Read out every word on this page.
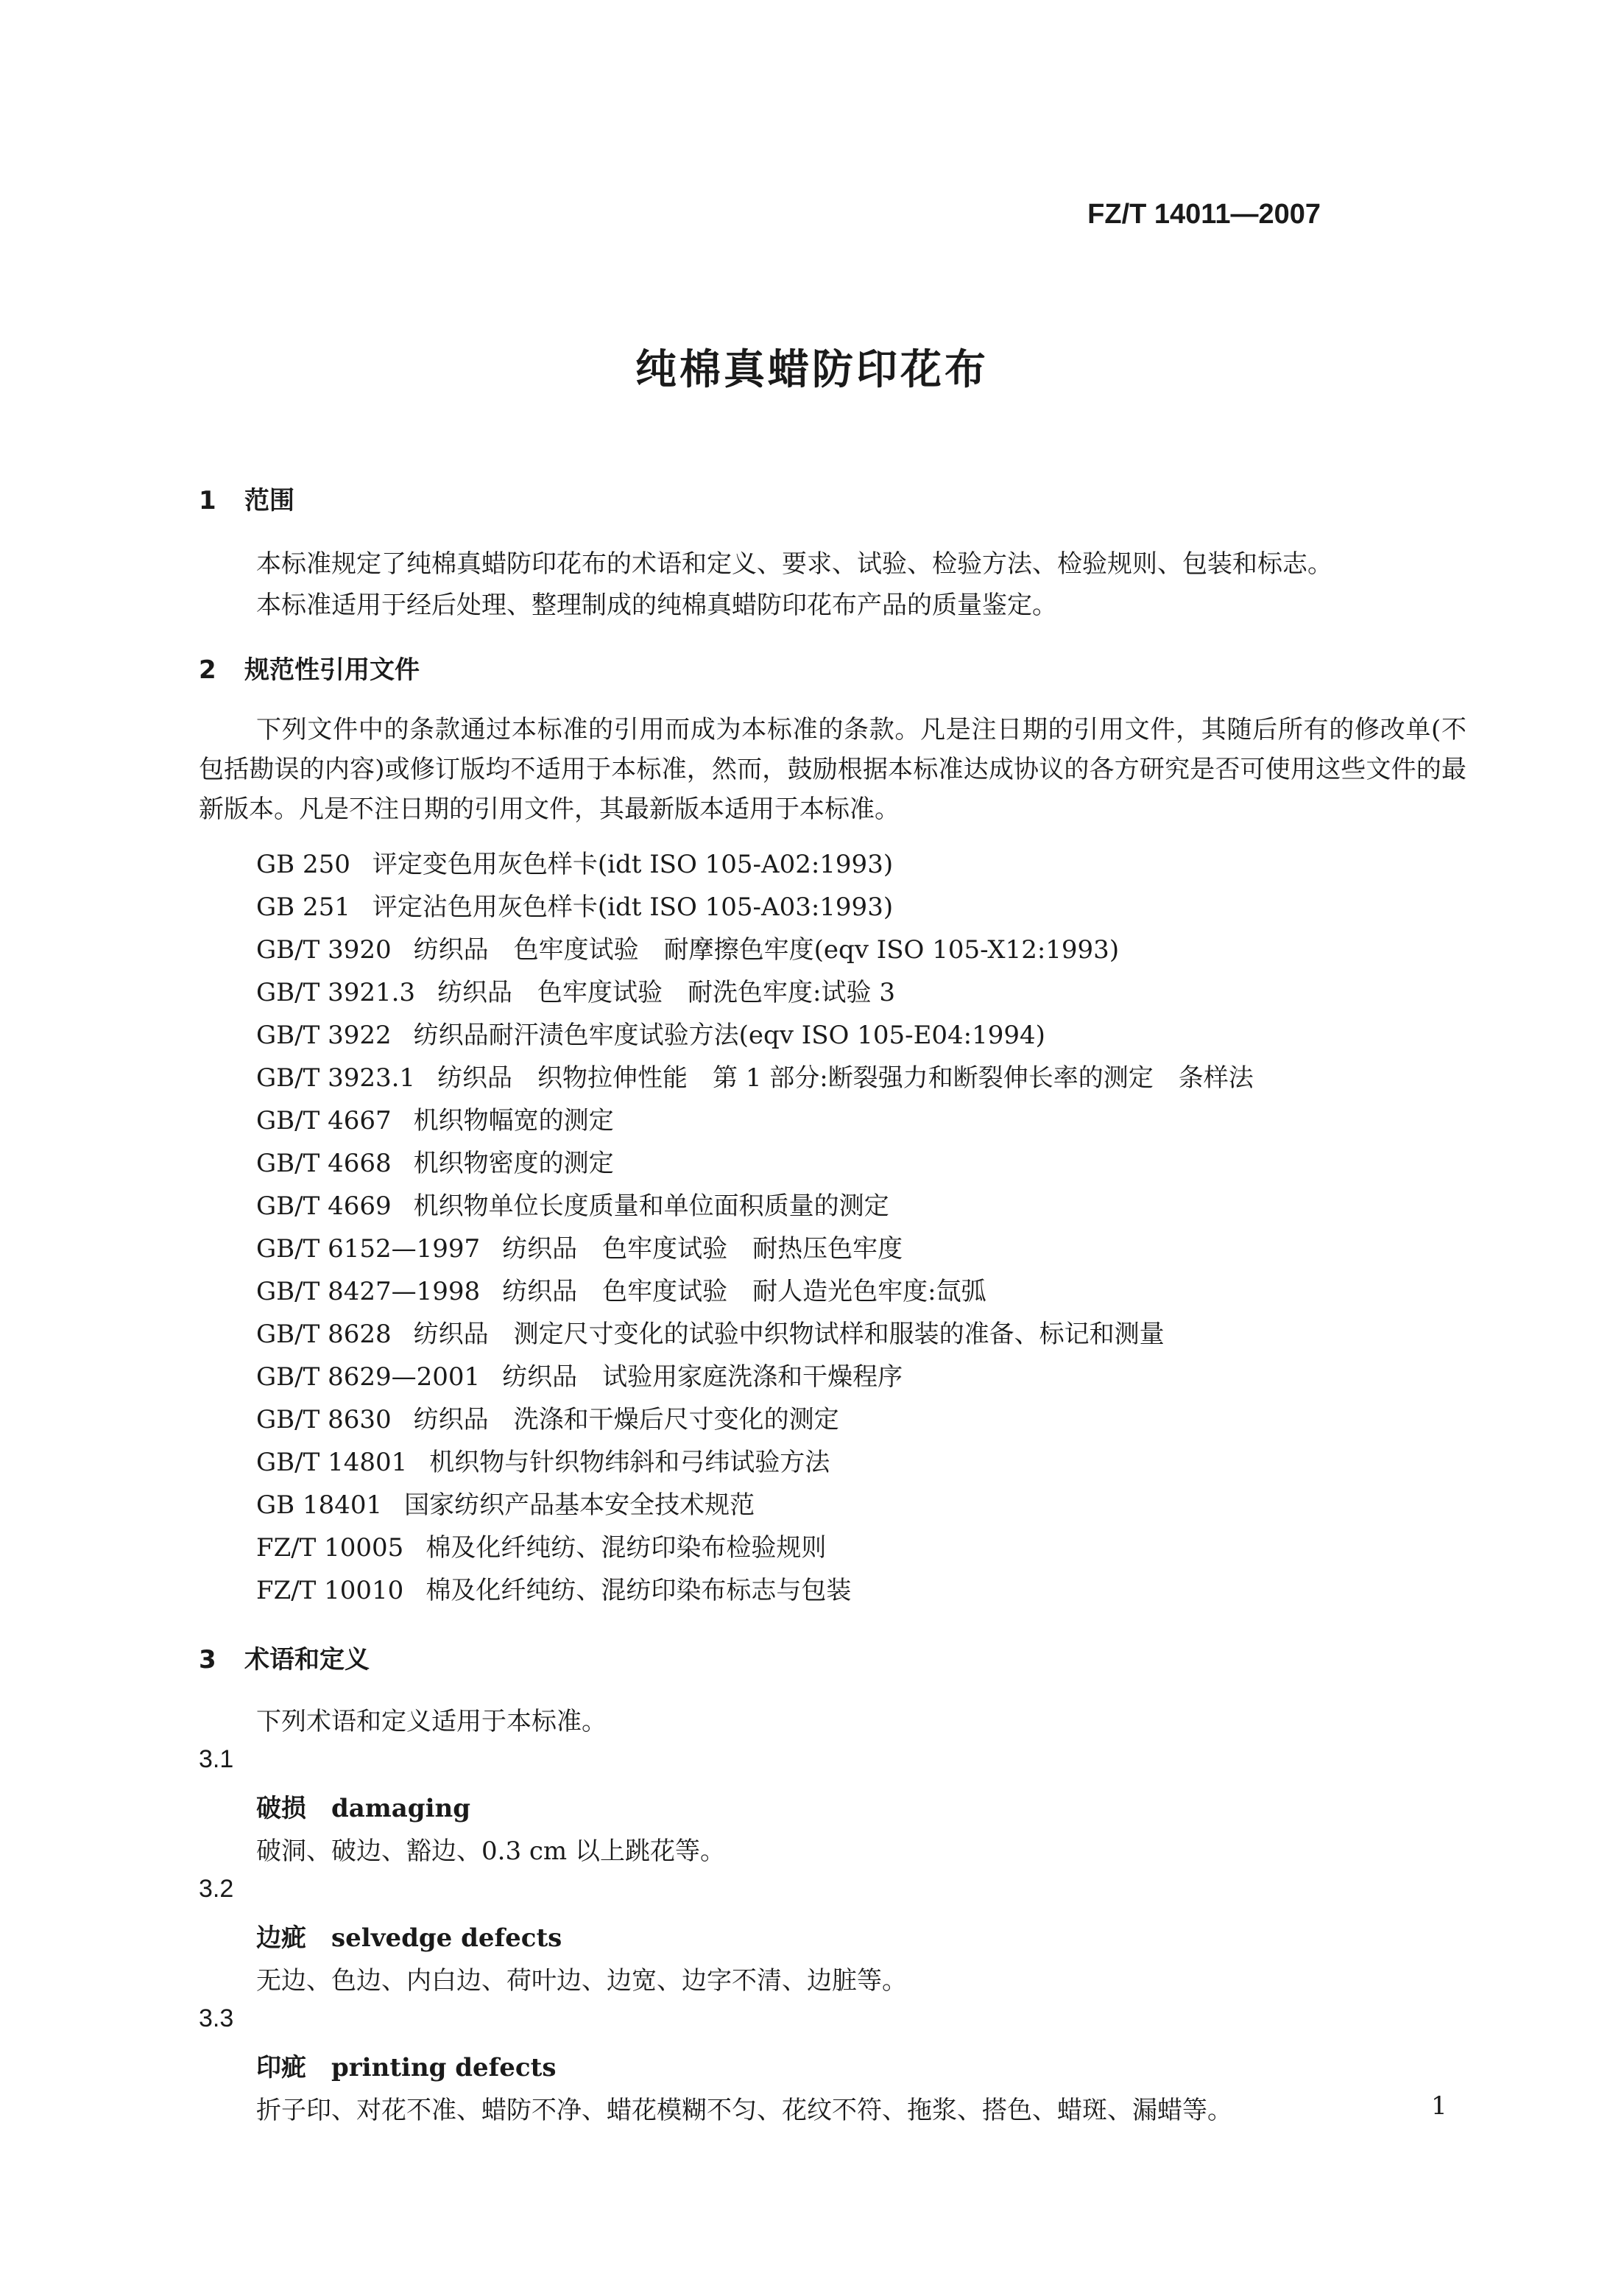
FZ/T 14011—2007
纯棉真蜡防印花布
1 范围
本标准规定了纯棉真蜡防印花布的术语和定义、要求、试验、检验方法、检验规则、包装和标志。
本标准适用于经后处理、整理制成的纯棉真蜡防印花布产品的质量鉴定。
2 规范性引用文件
下列文件中的条款通过本标准的引用而成为本标准的条款。凡是注日期的引用文件，其随后所有的修改单(不包括勘误的内容)或修订版均不适用于本标准，然而，鼓励根据本标准达成协议的各方研究是否可使用这些文件的最新版本。凡是不注日期的引用文件，其最新版本适用于本标准。
GB 250 评定变色用灰色样卡(idt ISO 105-A02:1993)
GB 251 评定沾色用灰色样卡(idt ISO 105-A03:1993)
GB/T 3920 纺织品　色牢度试验　耐摩擦色牢度(eqv ISO 105-X12:1993)
GB/T 3921.3 纺织品　色牢度试验　耐洗色牢度:试验 3
GB/T 3922 纺织品耐汗渍色牢度试验方法(eqv ISO 105-E04:1994)
GB/T 3923.1 纺织品　织物拉伸性能　第 1 部分:断裂强力和断裂伸长率的测定　条样法
GB/T 4667 机织物幅宽的测定
GB/T 4668 机织物密度的测定
GB/T 4669 机织物单位长度质量和单位面积质量的测定
GB/T 6152—1997 纺织品　色牢度试验　耐热压色牢度
GB/T 8427—1998 纺织品　色牢度试验　耐人造光色牢度:氙弧
GB/T 8628 纺织品　测定尺寸变化的试验中织物试样和服装的准备、标记和测量
GB/T 8629—2001 纺织品　试验用家庭洗涤和干燥程序
GB/T 8630 纺织品　洗涤和干燥后尺寸变化的测定
GB/T 14801 机织物与针织物纬斜和弓纬试验方法
GB 18401 国家纺织产品基本安全技术规范
FZ/T 10005 棉及化纤纯纺、混纺印染布检验规则
FZ/T 10010 棉及化纤纯纺、混纺印染布标志与包装
3 术语和定义
下列术语和定义适用于本标准。
3.1
破损 damaging
破洞、破边、豁边、0.3 cm 以上跳花等。
3.2
边疵 selvedge defects
无边、色边、内白边、荷叶边、边宽、边字不清、边脏等。
3.3
印疵 printing defects
折子印、对花不准、蜡防不净、蜡花模糊不匀、花纹不符、拖浆、搭色、蜡斑、漏蜡等。	1
